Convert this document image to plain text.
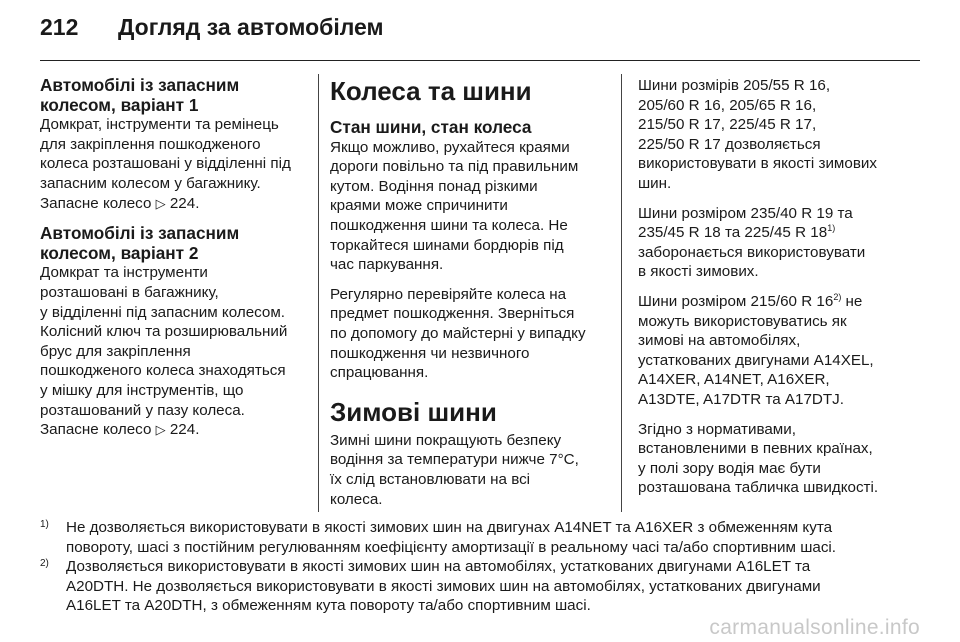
212 Догляд за автомобілем
Автомобілі із запасним
колесом, варіант 1

Домкрат, інструменти та ремінець
для закріплення пошкодженого
колеса розташовані у відділенні під
запасним колесом у багажнику.
Запасне колесо ▷ 224.

Автомобілі із запасним
колесом, варіант 2

Домкрат та інструменти
розташовані в багажнику,
у відділенні під запасним колесом.
Колісний ключ та розширювальний
брус для закріплення
пошкодженого колеса знаходяться
у мішку для інструментів, що
розташований у пазу колеса.
Запасне колесо ▷ 224.

Колеса та шини
Стан шини, стан колеса

Якщо можливо, рухайтеся краями
дороги повільно та під правильним
кутом. Водіння понад різкими
краями може спричинити
пошкодження шини та колеса. Не
торкайтеся шинами бордюрів під
час паркування.

Регулярно перевіряйте колеса на
предмет пошкодження. Зверніться
по допомогу до майстерні у випадку
пошкодження чи незвичного
спрацювання.

Зимові шини

Зимні шини покращують безпеку
водіння за температури нижче 7°C,
їх слід встановлювати на всі
колеса.

Шини розмірів 205/55 R 16,
205/60 R 16, 205/65 R 16,
215/50 R 17, 225/45 R 17,
225/50 R 17 дозволяється
використовувати в якості зимових
шин.

Шини розміром 235/40 R 19 та
235/45 R 18 та 225/45 R 18$^{1)}$
заборонається використовувати
в якості зимових.

Шини розміром 215/60 R 16$^{2)}$ не
можуть використовуватись як
зимові на автомобілях,
устаткованих двигунами A14XEL,
A14XER, A14NET, A16XER,
A13DTE, A17DTR та A17DTJ.

Згідно з нормативами,
встановленими в певних країнах,
у полі зору водія має бути
розташована табличка швидкості.

1)	Не дозволяється використовувати в якості зимових шин на двигунах A14NET та A16XER з обмеженням кута
повороту, шасі з постійним регулюванням коефіцієнту амортизації в реальному часі та/або спортивним шасі.
2)	Дозволяється використовувати в якості зимових шин на автомобілях, устаткованих двигунами A16LET та
A20DTH. Не дозволяється використовувати в якості зимових шин на автомобілях, устаткованих двигунами
A16LET та A20DTH, з обмеженням кута повороту та/або спортивним шасі.
carmanualsonline.info
